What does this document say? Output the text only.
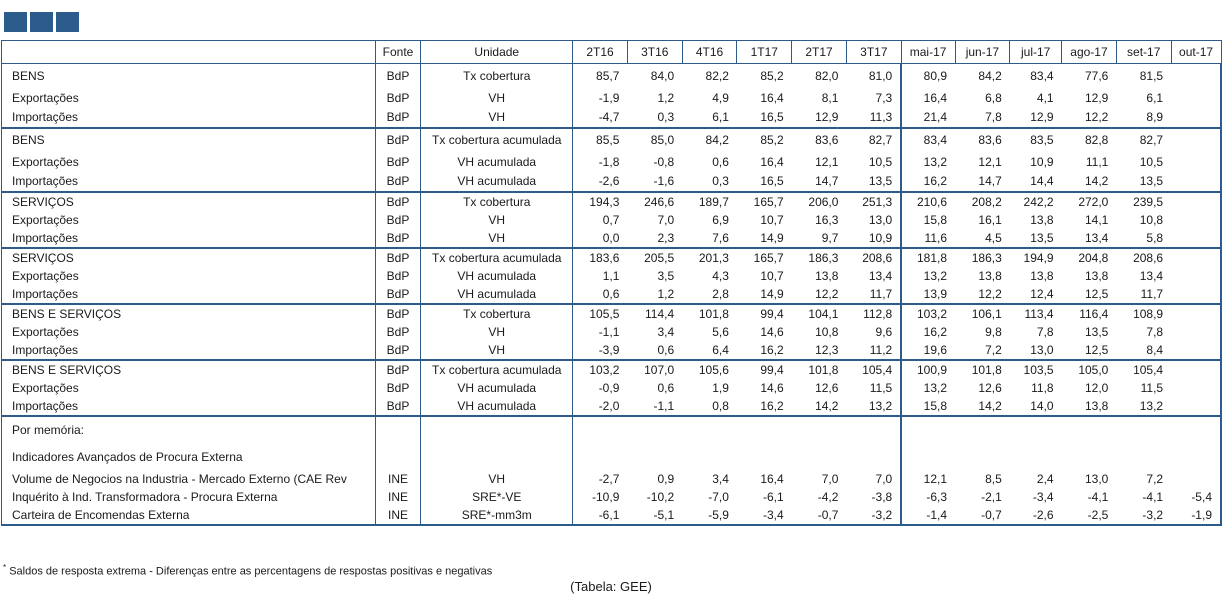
	Fonte	Unidade	2T16	3T16	4T16	1T17	2T17	3T17	mai-17	jun-17	jul-17	ago-17	set-17	out-17
BENS	BdP	Tx cobertura	85,7	84,0	82,2	85,2	82,0	81,0	80,9	84,2	83,4	77,6	81,5	
Exportações	BdP	VH	-1,9	1,2	4,9	16,4	8,1	7,3	16,4	6,8	4,1	12,9	6,1	
Importações	BdP	VH	-4,7	0,3	6,1	16,5	12,9	11,3	21,4	7,8	12,9	12,2	8,9	
BENS	BdP	Tx cobertura acumulada	85,5	85,0	84,2	85,2	83,6	82,7	83,4	83,6	83,5	82,8	82,7	
Exportações	BdP	VH acumulada	-1,8	-0,8	0,6	16,4	12,1	10,5	13,2	12,1	10,9	11,1	10,5	
Importações	BdP	VH acumulada	-2,6	-1,6	0,3	16,5	14,7	13,5	16,2	14,7	14,4	14,2	13,5	
SERVIÇOS	BdP	Tx cobertura	194,3	246,6	189,7	165,7	206,0	251,3	210,6	208,2	242,2	272,0	239,5	
Exportações	BdP	VH	0,7	7,0	6,9	10,7	16,3	13,0	15,8	16,1	13,8	14,1	10,8	
Importações	BdP	VH	0,0	2,3	7,6	14,9	9,7	10,9	11,6	4,5	13,5	13,4	5,8	
SERVIÇOS	BdP	Tx cobertura acumulada	183,6	205,5	201,3	165,7	186,3	208,6	181,8	186,3	194,9	204,8	208,6	
Exportações	BdP	VH acumulada	1,1	3,5	4,3	10,7	13,8	13,4	13,2	13,8	13,8	13,8	13,4	
Importações	BdP	VH acumulada	0,6	1,2	2,8	14,9	12,2	11,7	13,9	12,2	12,4	12,5	11,7	
BENS E SERVIÇOS	BdP	Tx cobertura	105,5	114,4	101,8	99,4	104,1	112,8	103,2	106,1	113,4	116,4	108,9	
Exportações	BdP	VH	-1,1	3,4	5,6	14,6	10,8	9,6	16,2	9,8	7,8	13,5	7,8	
Importações	BdP	VH	-3,9	0,6	6,4	16,2	12,3	11,2	19,6	7,2	13,0	12,5	8,4	
BENS E SERVIÇOS	BdP	Tx cobertura acumulada	103,2	107,0	105,6	99,4	101,8	105,4	100,9	101,8	103,5	105,0	105,4	
Exportações	BdP	VH acumulada	-0,9	0,6	1,9	14,6	12,6	11,5	13,2	12,6	11,8	12,0	11,5	
Importações	BdP	VH acumulada	-2,0	-1,1	0,8	16,2	14,2	13,2	15,8	14,2	14,0	13,8	13,2	
Por memória:														
Indicadores Avançados de Procura Externa														
Volume de Negocios na Industria - Mercado Externo (CAE Rev	INE	VH	-2,7	0,9	3,4	16,4	7,0	7,0	12,1	8,5	2,4	13,0	7,2	
Inquérito à Ind. Transformadora - Procura Externa	INE	SRE*-VE	-10,9	-10,2	-7,0	-6,1	-4,2	-3,8	-6,3	-2,1	-3,4	-4,1	-4,1	-5,4
Carteira de Encomendas Externa	INE	SRE*-mm3m	-6,1	-5,1	-5,9	-3,4	-0,7	-3,2	-1,4	-0,7	-2,6	-2,5	-3,2	-1,9
* Saldos de resposta extrema - Diferenças entre as percentagens de respostas positivas e negativas
(Tabela: GEE)
